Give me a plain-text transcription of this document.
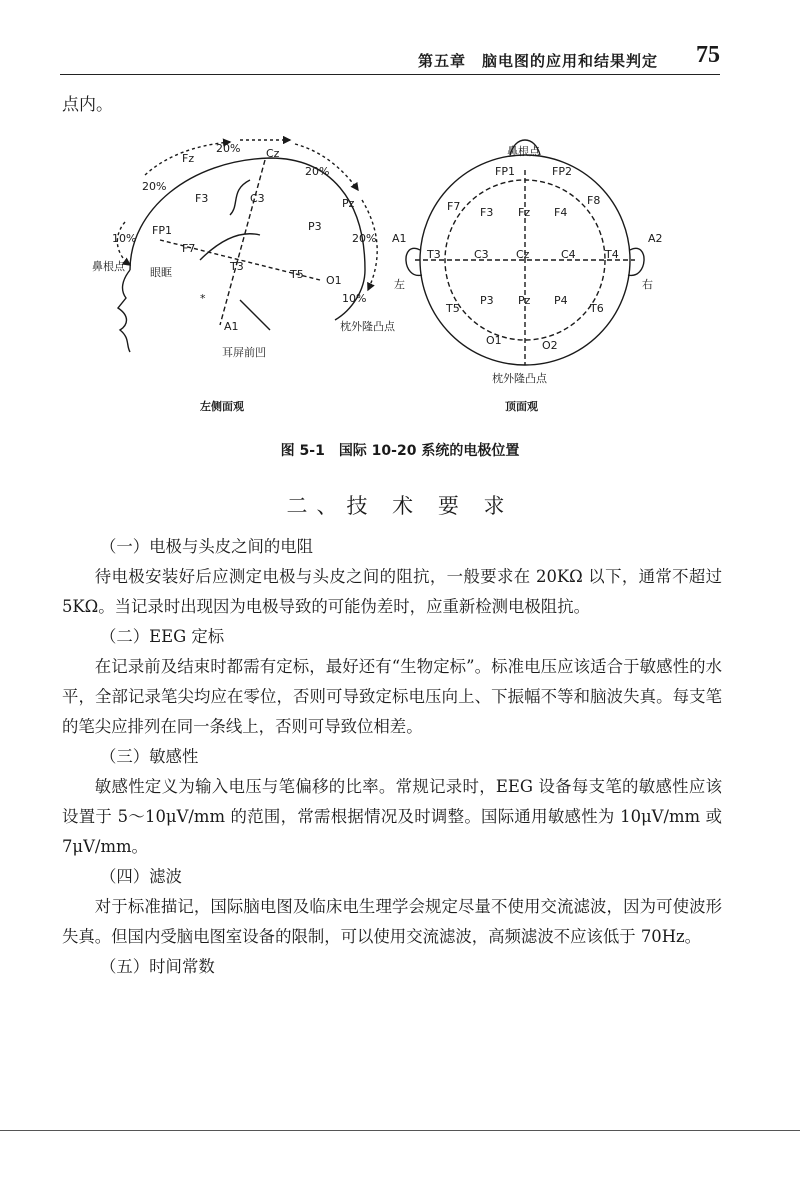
第五章　脑电图的应用和结果判定 75
点内。
Fz	Cz
Pz
FP1
F3
F7
C3
P3
T3
T5 O1
A1
20%
20%
20%
20%
10%
10%
鼻根点 眼眶
耳屏前凹
枕外隆凸点
*
左侧面观
鼻根点
FP1	FP2
F7	F8
F3 Fz F4
T3	C3 Cz	C4	T4
T5
P3 Pz P4
T6
O1	O2
A1	A2
左	右
枕外隆凸点
顶面观
图 5-1 国际 10-20 系统的电极位置
二、技 术 要 求
（一）电极与头皮之间的电阻

待电极安装好后应测定电极与头皮之间的阻抗，一般要求在 20KΩ 以下，通常不超过 5KΩ。当记录时出现因为电极导致的可能伪差时，应重新检测电极阻抗。

（二）EEG 定标

在记录前及结束时都需有定标，最好还有“生物定标”。标准电压应该适合于敏感性的水平，全部记录笔尖均应在零位，否则可导致定标电压向上、下振幅不等和脑波失真。每支笔的笔尖应排列在同一条线上，否则可导致位相差。

（三）敏感性

敏感性定义为输入电压与笔偏移的比率。常规记录时，EEG 设备每支笔的敏感性应该设置于 5～10μV/mm 的范围，常需根据情况及时调整。国际通用敏感性为 10μV/mm 或 7μV/mm。

（四）滤波

对于标准描记，国际脑电图及临床电生理学会规定尽量不使用交流滤波，因为可使波形失真。但国内受脑电图室设备的限制，可以使用交流滤波，高频滤波不应该低于 70Hz。

（五）时间常数
